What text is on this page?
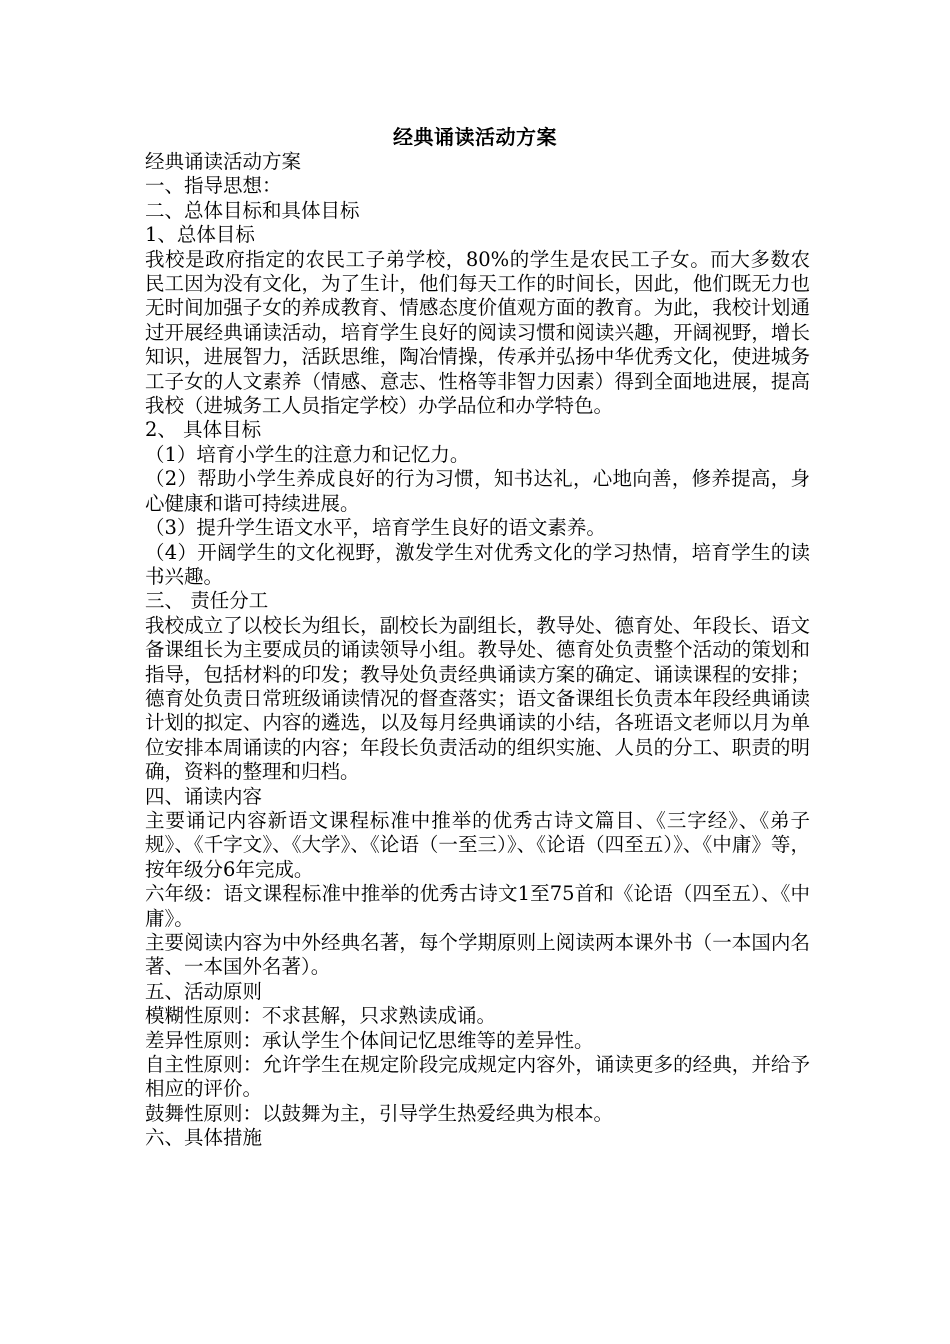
经典诵读活动方案

经典诵读活动方案

一、指导思想：

二、总体目标和具体目标

1、总体目标

我校是政府指定的农民工子弟学校，80%的学生是农民工子女。而大多数农民工因为没有文化，为了生计，他们每天工作的时间长，因此，他们既无力也无时间加强子女的养成教育、情感态度价值观方面的教育。为此，我校计划通过开展经典诵读活动，培育学生良好的阅读习惯和阅读兴趣，开阔视野，增长知识，进展智力，活跃思维，陶冶情操，传承并弘扬中华优秀文化，使进城务工子女的人文素养（情感、意志、性格等非智力因素）得到全面地进展，提高我校（进城务工人员指定学校）办学品位和办学特色。

2、 具体目标

（1）培育小学生的注意力和记忆力。

（2）帮助小学生养成良好的行为习惯，知书达礼，心地向善，修养提高，身心健康和谐可持续进展。

（3）提升学生语文水平，培育学生良好的语文素养。

（4）开阔学生的文化视野，激发学生对优秀文化的学习热情，培育学生的读书兴趣。

三、 责任分工

我校成立了以校长为组长，副校长为副组长，教导处、德育处、年段长、语文备课组长为主要成员的诵读领导小组。教导处、德育处负责整个活动的策划和指导，包括材料的印发；教导处负责经典诵读方案的确定、诵读课程的安排；德育处负责日常班级诵读情况的督查落实；语文备课组长负责本年段经典诵读计划的拟定、内容的遴选，以及每月经典诵读的小结，各班语文老师以月为单位安排本周诵读的内容；年段长负责活动的组织实施、人员的分工、职责的明确，资料的整理和归档。

四、诵读内容

主要诵记内容新语文课程标准中推举的优秀古诗文篇目、《三字经》、《弟子规》、《千字文》、《大学》、《论语（一至三）》、《论语（四至五）》、《中庸》等，按年级分6年完成。

六年级：语文课程标准中推举的优秀古诗文1至75首和《论语（四至五）、《中庸》。

主要阅读内容为中外经典名著，每个学期原则上阅读两本课外书（一本国内名著、一本国外名著）。

五、活动原则

模糊性原则：不求甚解，只求熟读成诵。

差异性原则：承认学生个体间记忆思维等的差异性。

自主性原则：允许学生在规定阶段完成规定内容外，诵读更多的经典，并给予相应的评价。

鼓舞性原则：以鼓舞为主，引导学生热爱经典为根本。

六、具体措施
